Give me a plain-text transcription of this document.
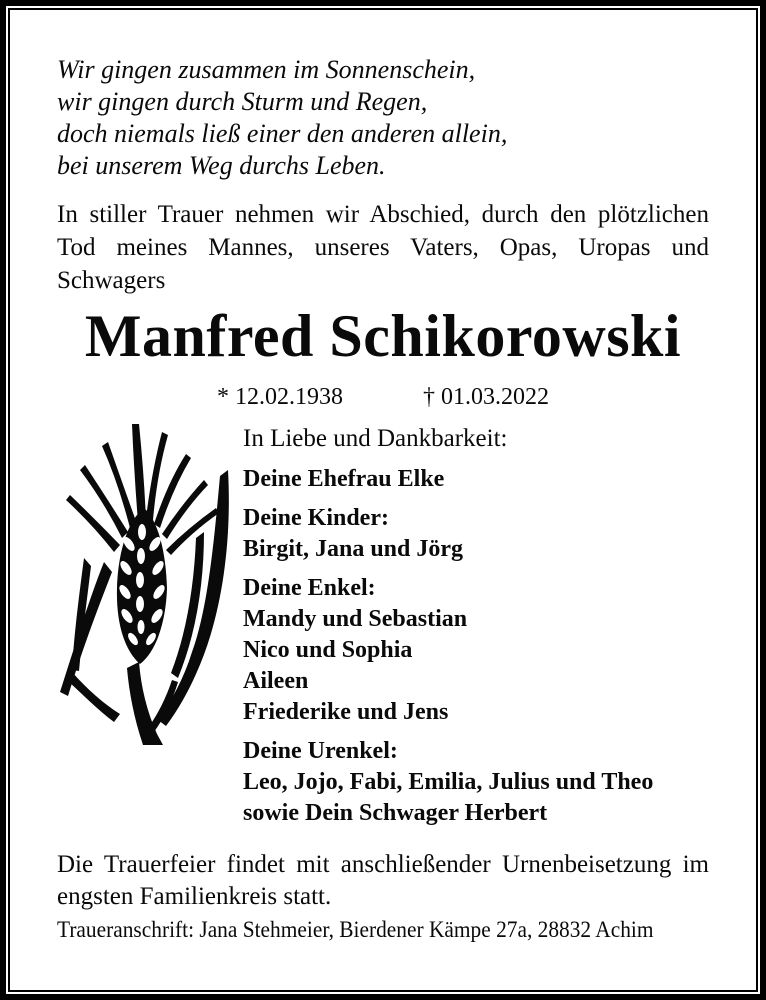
Wir gingen zusammen im Sonnenschein,
wir gingen durch Sturm und Regen,
doch niemals ließ einer den anderen allein,
bei unserem Weg durchs Leben.
In stiller Trauer nehmen wir Abschied, durch den plötzlichen
Tod meines Mannes, unseres Vaters, Opas, Uropas und
Schwagers
Manfred Schikorowski
* 12.02.1938	† 01.03.2022
In Liebe und Dankbarkeit:
Deine Ehefrau Elke
Deine Kinder:
Birgit, Jana und Jörg
Deine Enkel:
Mandy und Sebastian
Nico und Sophia
Aileen
Friederike und Jens
Deine Urenkel:
Leo, Jojo, Fabi, Emilia, Julius und Theo
sowie Dein Schwager Herbert
Die Trauerfeier findet mit anschließender Urnenbeisetzung im
engsten Familienkreis statt.
Traueranschrift: Jana Stehmeier, Bierdener Kämpe 27a, 28832 Achim
